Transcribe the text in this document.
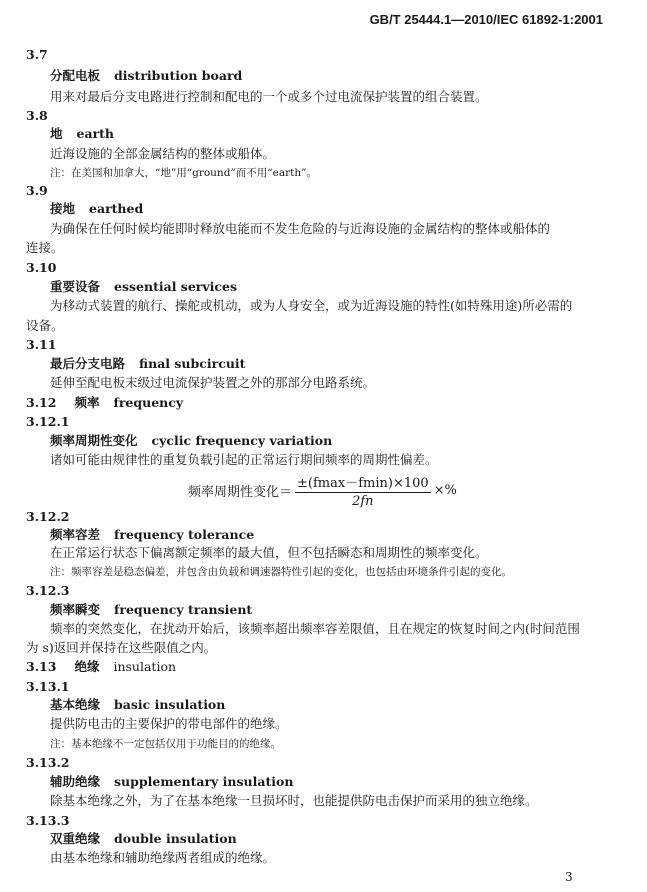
GB/T 25444.1—2010/IEC 61892-1:2001
3.7
分配电板 distribution board
用来对最后分支电路进行控制和配电的一个或多个过电流保护装置的组合装置。
3.8
地 earth
近海设施的全部金属结构的整体或船体。
注：在美国和加拿大，“地”用“ground”而不用“earth”。
3.9
接地 earthed
为确保在任何时候均能即时释放电能而不发生危险的与近海设施的金属结构的整体或船体的
连接。
3.10
重要设备 essential services
为移动式装置的航行、操舵或机动，或为人身安全，或为近海设施的特性(如特殊用途)所必需的
设备。
3.11
最后分支电路 final subcircuit
延伸至配电板末级过电流保护装置之外的那部分电路系统。
3.12 频率 frequency
3.12.1
频率周期性变化 cyclic frequency variation
诸如可能由规律性的重复负载引起的正常运行期间频率的周期性偏差。
频率周期性变化＝ $\frac{\pm(fmax-fmin)\times 100}{2fn}$ ×%
3.12.2
频率容差 frequency tolerance
在正常运行状态下偏离额定频率的最大值，但不包括瞬态和周期性的频率变化。
注：频率容差是稳态偏差，并包含由负载和调速器特性引起的变化，也包括由环境条件引起的变化。
3.12.3
频率瞬变 frequency transient
频率的突然变化，在扰动开始后，该频率超出频率容差限值，且在规定的恢复时间之内(时间范围
为 s)返回并保持在这些限值之内。
3.13 绝缘 insulation
3.13.1
基本绝缘 basic insulation
提供防电击的主要保护的带电部件的绝缘。
注：基本绝缘不一定包括仅用于功能目的的绝缘。
3.13.2
辅助绝缘 supplementary insulation
除基本绝缘之外，为了在基本绝缘一旦损坏时，也能提供防电击保护而采用的独立绝缘。
3.13.3
双重绝缘 double insulation
由基本绝缘和辅助绝缘两者组成的绝缘。
3
